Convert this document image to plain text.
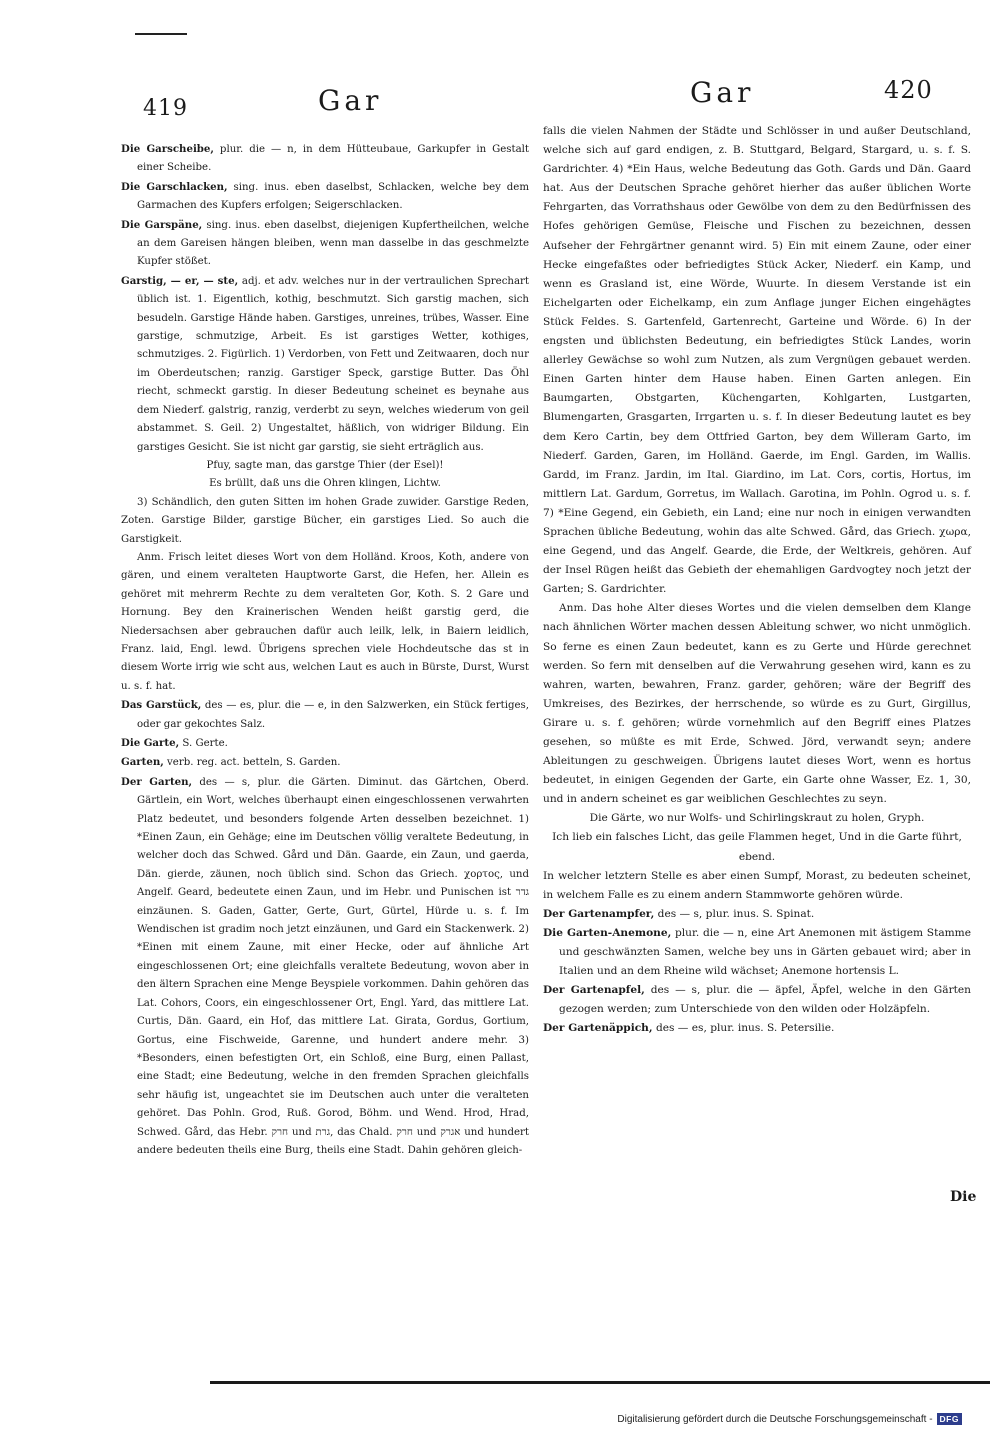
419	Gar	Gar	420

Die Garscheibe, plur. die — n, in dem Hütteubaue, Garkupfer in Gestalt einer Scheibe.

Die Garschlacken, sing. inus. eben daselbst, Schlacken, welche bey dem Garmachen des Kupfers erfolgen; Seigerschlacken.

Die Garspäne, sing. inus. eben daselbst, diejenigen Kupfertheilchen, welche an dem Gareisen hängen bleiben, wenn man dasselbe in das geschmelzte Kupfer stößet.

Garstig, — er, — ste, adj. et adv. welches nur in der vertraulichen Sprechart üblich ist. 1. Eigentlich, kothig, beschmutzt. Sich garstig machen, sich besudeln. Garstige Hände haben. Garstiges, unreines, trübes, Wasser. Eine garstige, schmutzige, Arbeit. Es ist garstiges Wetter, kothiges, schmutziges. 2. Figürlich. 1) Verdorben, von Fett und Zeitwaaren, doch nur im Oberdeutschen; ranzig. Garstiger Speck, garstige Butter. Das Öhl riecht, schmeckt garstig. In dieser Bedeutung scheinet es beynahe aus dem Niederf. galstrig, ranzig, verderbt zu seyn, welches wiederum von geil abstammet. S. Geil. 2) Ungestaltet, häßlich, von widriger Bildung. Ein garstiges Gesicht. Sie ist nicht gar garstig, sie sieht erträglich aus.

Pfuy, sagte man, das garstge Thier (der Esel)!

Es brüllt, daß uns die Ohren klingen, Lichtw.

3) Schändlich, den guten Sitten im hohen Grade zuwider. Garstige Reden, Zoten. Garstige Bilder, garstige Bücher, ein garstiges Lied. So auch die Garstigkeit.

Anm. Frisch leitet dieses Wort von dem Holländ. Kroos, Koth, andere von gären, und einem veralteten Hauptworte Garst, die Hefen, her. Allein es gehöret mit mehrerm Rechte zu dem veralteten Gor, Koth. S. 2 Gare und Hornung. Bey den Krainerischen Wenden heißt garstig gerd, die Niedersachsen aber gebrauchen dafür auch leilk, lelk, in Baiern leidlich, Franz. laid, Engl. lewd. Übrigens sprechen viele Hochdeutsche das st in diesem Worte irrig wie scht aus, welchen Laut es auch in Bürste, Durst, Wurst u. s. f. hat.

Das Garstück, des — es, plur. die — e, in den Salzwerken, ein Stück fertiges, oder gar gekochtes Salz.

Die Garte, S. Gerte.

Garten, verb. reg. act. betteln, S. Garden.

Der Garten, des — s, plur. die Gärten. Diminut. das Gärtchen, Oberd. Gärtlein, ein Wort, welches überhaupt einen eingeschlossenen verwahrten Platz bedeutet, und besonders folgende Arten desselben bezeichnet. 1) *Einen Zaun, ein Gehäge; eine im Deutschen völlig veraltete Bedeutung, in welcher doch das Schwed. Gård und Dän. Gaarde, ein Zaun, und gaerda, Dän. gierde, zäunen, noch üblich sind. Schon das Griech. χορτος, und Angelf. Geard, bedeutete einen Zaun, und im Hebr. und Punischen ist גדר einzäunen. S. Gaden, Gatter, Gerte, Gurt, Gürtel, Hürde u. s. f. Im Wendischen ist gradim noch jetzt einzäunen, und Gard ein Stackenwerk. 2) *Einen mit einem Zaune, mit einer Hecke, oder auf ähnliche Art eingeschlossenen Ort; eine gleichfalls veraltete Bedeutung, wovon aber in den ältern Sprachen eine Menge Beyspiele vorkommen. Dahin gehören das Lat. Cohors, Coors, ein eingeschlossener Ort, Engl. Yard, das mittlere Lat. Curtis, Dän. Gaard, ein Hof, das mittlere Lat. Girata, Gordus, Gortium, Gortus, eine Fischweide, Garenne, und hundert andere mehr. 3) *Besonders, einen befestigten Ort, ein Schloß, eine Burg, einen Pallast, eine Stadt; eine Bedeutung, welche in den fremden Sprachen gleichfalls sehr häufig ist, ungeachtet sie im Deutschen auch unter die veralteten gehöret. Das Pohln. Grod, Ruß. Gorod, Böhm. und Wend. Hrod, Hrad, Schwed. Gård, das Hebr. חרק und גרת, das Chald. חרק und אגרק und hundert andere bedeuten theils eine Burg, theils eine Stadt. Dahin gehören gleich-

falls die vielen Nahmen der Städte und Schlösser in und außer Deutschland, welche sich auf gard endigen, z. B. Stuttgard, Belgard, Stargard, u. s. f. S. Gardrichter. 4) *Ein Haus, welche Bedeutung das Goth. Gards und Dän. Gaard hat. Aus der Deutschen Sprache gehöret hierher das außer üblichen Worte Fehrgarten, das Vorrathshaus oder Gewölbe von dem zu den Bedürfnissen des Hofes gehörigen Gemüse, Fleische und Fischen zu bezeichnen, dessen Aufseher der Fehrgärtner genannt wird. 5) Ein mit einem Zaune, oder einer Hecke eingefaßtes oder befriedigtes Stück Acker, Niederf. ein Kamp, und wenn es Grasland ist, eine Wörde, Wuurte. In diesem Verstande ist ein Eichelgarten oder Eichelkamp, ein zum Anflage junger Eichen eingehägtes Stück Feldes. S. Gartenfeld, Gartenrecht, Garteine und Wörde. 6) In der engsten und üblichsten Bedeutung, ein befriedigtes Stück Landes, worin allerley Gewächse so wohl zum Nutzen, als zum Vergnügen gebauet werden. Einen Garten hinter dem Hause haben. Einen Garten anlegen. Ein Baumgarten, Obstgarten, Küchengarten, Kohlgarten, Lustgarten, Blumengarten, Grasgarten, Irrgarten u. s. f. In dieser Bedeutung lautet es bey dem Kero Cartin, bey dem Ottfried Garton, bey dem Willeram Garto, im Niederf. Garden, Garen, im Holländ. Gaerde, im Engl. Garden, im Wallis. Gardd, im Franz. Jardin, im Ital. Giardino, im Lat. Cors, cortis, Hortus, im mittlern Lat. Gardum, Gorretus, im Wallach. Garotina, im Pohln. Ogrod u. s. f. 7) *Eine Gegend, ein Gebieth, ein Land; eine nur noch in einigen verwandten Sprachen übliche Bedeutung, wohin das alte Schwed. Gård, das Griech. χωρα, eine Gegend, und das Angelf. Gearde, die Erde, der Weltkreis, gehören. Auf der Insel Rügen heißt das Gebieth der ehemahligen Gardvogtey noch jetzt der Garten; S. Gardrichter.

Anm. Das hohe Alter dieses Wortes und die vielen demselben dem Klange nach ähnlichen Wörter machen dessen Ableitung schwer, wo nicht unmöglich. So ferne es einen Zaun bedeutet, kann es zu Gerte und Hürde gerechnet werden. So fern mit denselben auf die Verwahrung gesehen wird, kann es zu wahren, warten, bewahren, Franz. garder, gehören; wäre der Begriff des Umkreises, des Bezirkes, der herrschende, so würde es zu Gurt, Girgillus, Girare u. s. f. gehören; würde vornehmlich auf den Begriff eines Platzes gesehen, so müßte es mit Erde, Schwed. Jörd, verwandt seyn; andere Ableitungen zu geschweigen. Übrigens lautet dieses Wort, wenn es hortus bedeutet, in einigen Gegenden der Garte, ein Garte ohne Wasser, Ez. 1, 30, und in andern scheinet es gar weiblichen Geschlechtes zu seyn.

Die Gärte, wo nur Wolfs- und Schirlingskraut zu holen, Gryph.

Ich lieb ein falsches Licht, das geile Flammen heget, Und in die Garte führt, ebend.

In welcher letztern Stelle es aber einen Sumpf, Morast, zu bedeuten scheinet, in welchem Falle es zu einem andern Stammworte gehören würde.

Der Gartenampfer, des — s, plur. inus. S. Spinat.

Die Garten-Anemone, plur. die — n, eine Art Anemonen mit ästigem Stamme und geschwänzten Samen, welche bey uns in Gärten gebauet wird; aber in Italien und an dem Rheine wild wächset; Anemone hortensis L.

Der Gartenapfel, des — s, plur. die — äpfel, Äpfel, welche in den Gärten gezogen werden; zum Unterschiede von den wilden oder Holzäpfeln.

Der Gartenäppich, des — es, plur. inus. S. Petersilie.

Die
Digitalisierung gefördert durch die Deutsche Forschungsgemeinschaft - DFG
